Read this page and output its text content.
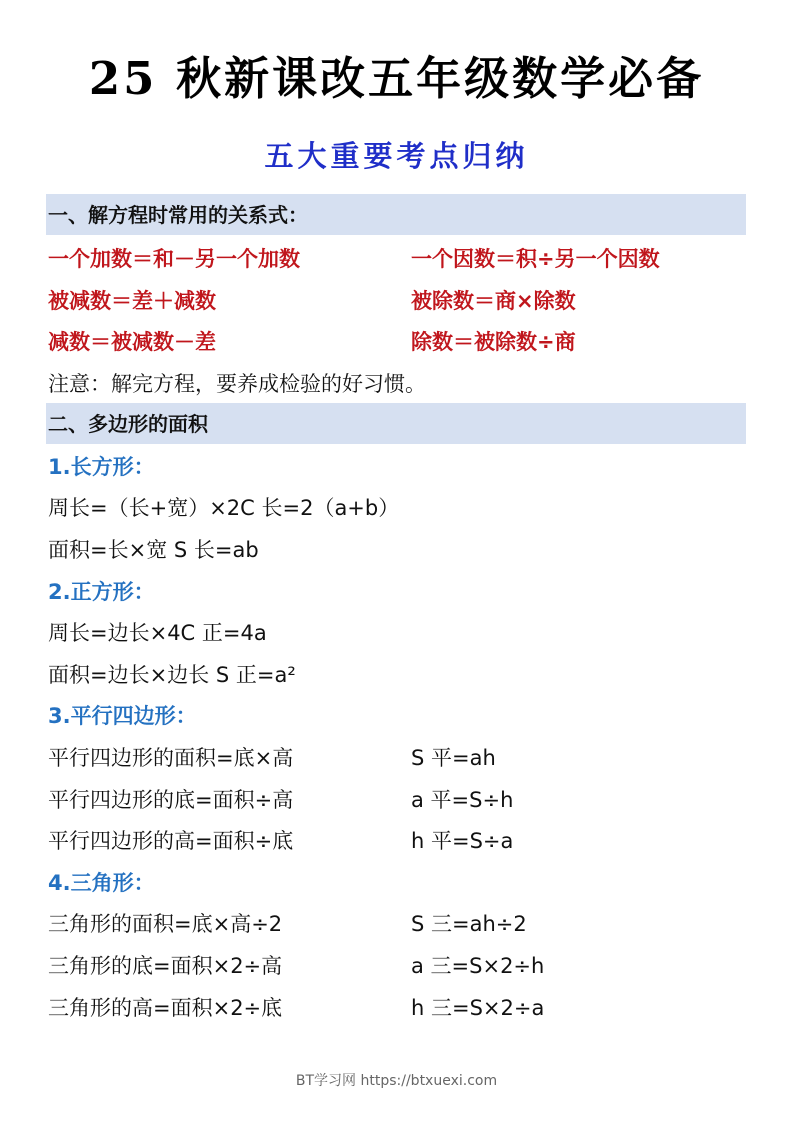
25 秋新课改五年级数学必备
五大重要考点归纳
一、解方程时常用的关系式：
一个加数＝和－另一个加数	一个因数＝积÷另一个因数
被减数＝差＋减数	被除数＝商×除数
减数＝被减数－差	除数＝被除数÷商
注意：解完方程，要养成检验的好习惯。
二、多边形的面积
1.长方形：
周长=（长+宽）×2C 长=2（a+b）
面积=长×宽 S 长=ab
2.正方形：
周长=边长×4C 正=4a
面积=边长×边长 S 正=a²
3.平行四边形：
平行四边形的面积=底×高	S 平=ah
平行四边形的底=面积÷高	a 平=S÷h
平行四边形的高=面积÷底	h 平=S÷a
4.三角形：
三角形的面积=底×高÷2	S 三=ah÷2
三角形的底=面积×2÷高	a 三=S×2÷h
三角形的高=面积×2÷底	h 三=S×2÷a
BT学习网 https://btxuexi.com
